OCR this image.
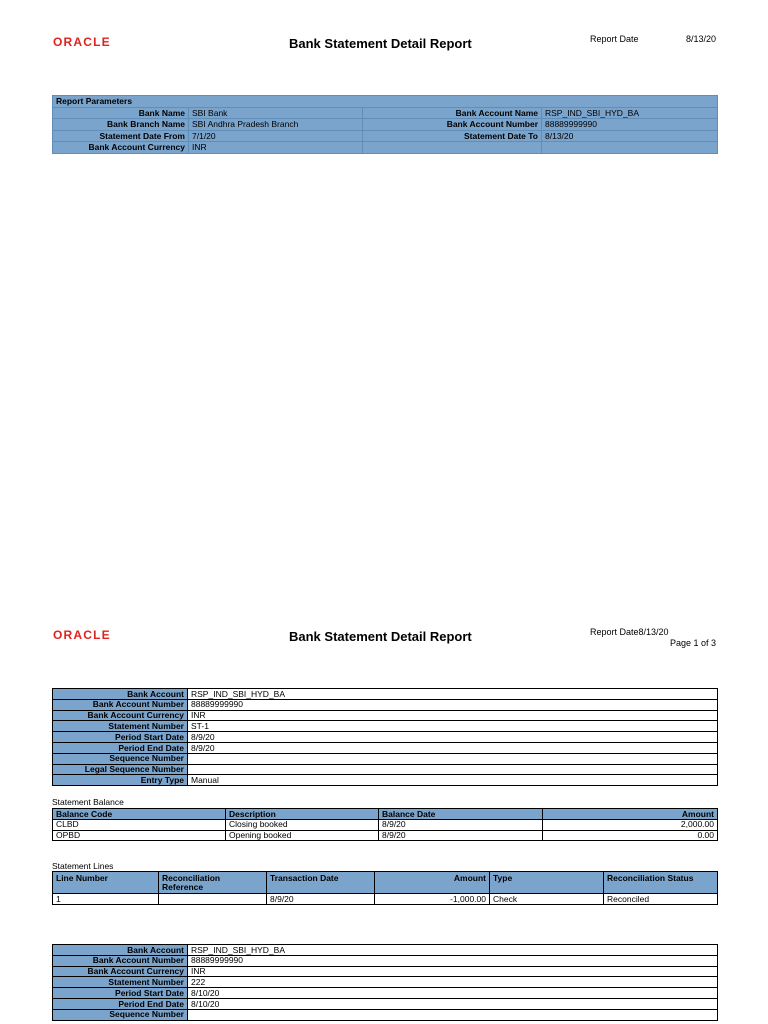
ORACLE	Bank Statement Detail Report	Report Date	8/13/20
Report Parameters			
Bank Name	SBI Bank	Bank Account Name	RSP_IND_SBI_HYD_BA
Bank Branch Name	SBI Andhra Pradesh Branch	Bank Account Number	88889999990
Statement Date From	7/1/20	Statement Date To	8/13/20
Bank Account Currency	INR		
ORACLE	Bank Statement Detail Report	Report Date8/13/20
Page 1 of 3
Bank Account	RSP_IND_SBI_HYD_BA
Bank Account Number	88889999990
Bank Account Currency	INR
Statement Number	ST-1
Period Start Date	8/9/20
Period End Date	8/9/20
Sequence Number	
Legal Sequence Number	
Entry Type	Manual
Statement Balance
Balance Code	Description	Balance Date	Amount
CLBD	Closing booked	8/9/20	2,000.00
OPBD	Opening booked	8/9/20	0.00
Statement Lines
Line Number	Reconciliation Reference	Transaction Date	Amount	Type	Reconciliation Status
1		8/9/20	-1,000.00	Check	Reconciled
Bank Account	RSP_IND_SBI_HYD_BA
Bank Account Number	88889999990
Bank Account Currency	INR
Statement Number	222
Period Start Date	8/10/20
Period End Date	8/10/20
Sequence Number	
